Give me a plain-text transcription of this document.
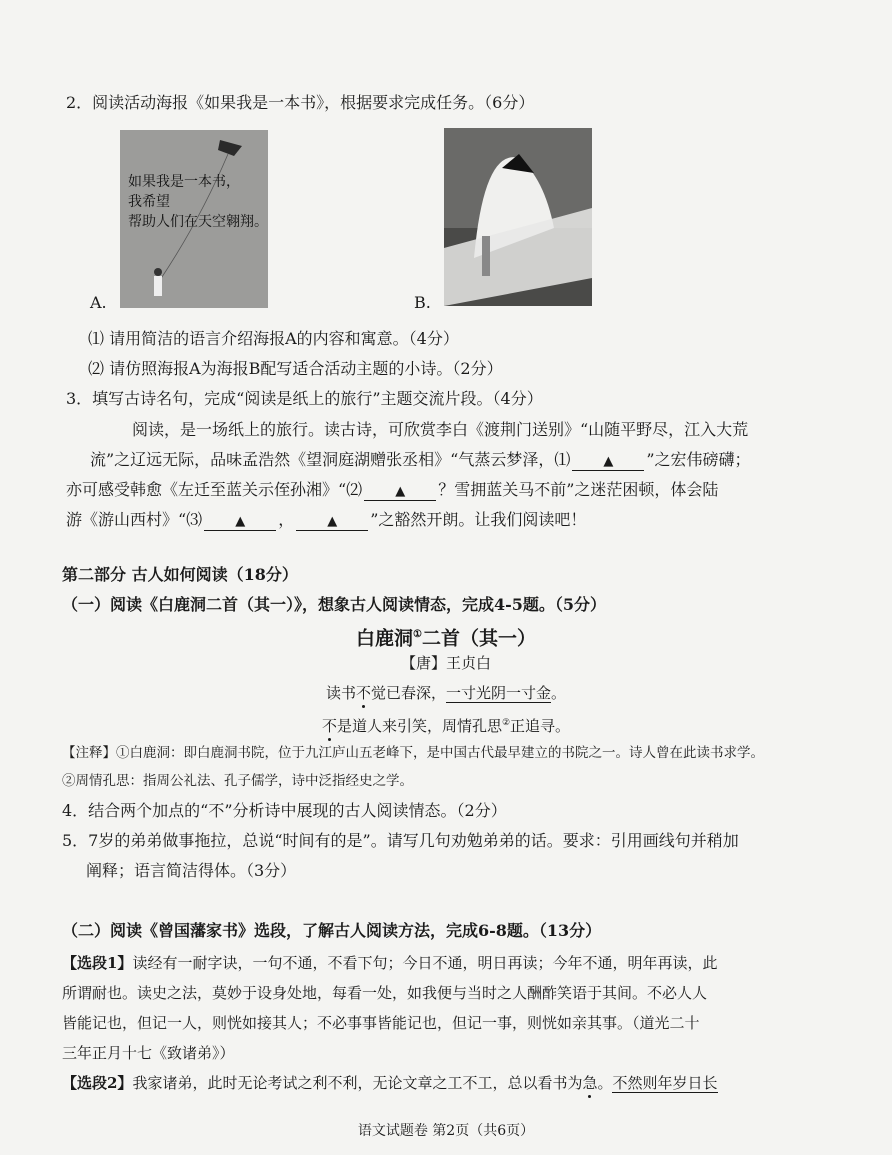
2．阅读活动海报《如果我是一本书》，根据要求完成任务。（6分）
如果我是一本书，
我希望
帮助人们在天空翱翔。
A.	B.
⑴ 请用简洁的语言介绍海报A的内容和寓意。（4分）
⑵ 请仿照海报A为海报B配写适合活动主题的小诗。（2分）
3．填写古诗名句，完成“阅读是纸上的旅行”主题交流片段。（4分）
阅读，是一场纸上的旅行。读古诗，可欣赏李白《渡荆门送别》“山随平野尽，江入大荒
流”之辽远无际，品味孟浩然《望洞庭湖赠张丞相》“气蒸云梦泽，⑴	▲ ”之宏伟磅礴；
亦可感受韩愈《左迁至蓝关示侄孙湘》“⑵	▲ ？雪拥蓝关马不前”之迷茫困顿，体会陆
游《游山西村》“⑶	▲ ，	▲ ”之豁然开朗。让我们阅读吧！
第二部分 古人如何阅读（18分）
（一）阅读《白鹿洞二首（其一）》，想象古人阅读情态，完成4-5题。（5分）
白鹿洞①二首（其一）
【唐】王贞白
读书不觉已春深，一寸光阴一寸金。
不是道人来引笑，周情孔思②正追寻。
【注释】①白鹿洞：即白鹿洞书院，位于九江庐山五老峰下，是中国古代最早建立的书院之一。诗人曾在此读书求学。
②周情孔思：指周公礼法、孔子儒学，诗中泛指经史之学。
4．结合两个加点的“不”分析诗中展现的古人阅读情态。（2分）
5．7岁的弟弟做事拖拉，总说“时间有的是”。请写几句劝勉弟弟的话。要求：引用画线句并稍加
阐释；语言简洁得体。（3分）
（二）阅读《曾国藩家书》选段，了解古人阅读方法，完成6-8题。（13分）
【选段1】读经有一耐字诀，一句不通，不看下句；今日不通，明日再读；今年不通，明年再读，此
所谓耐也。读史之法，莫妙于设身处地，每看一处，如我便与当时之人酬酢笑语于其间。不必人人
皆能记也，但记一人，则恍如接其人；不必事事皆能记也，但记一事，则恍如亲其事。（道光二十
三年正月十七《致诸弟》）
【选段2】我家诸弟，此时无论考试之利不利，无论文章之工不工，总以看书为急。不然则年岁日长
语文试题卷 第2页（共6页）
